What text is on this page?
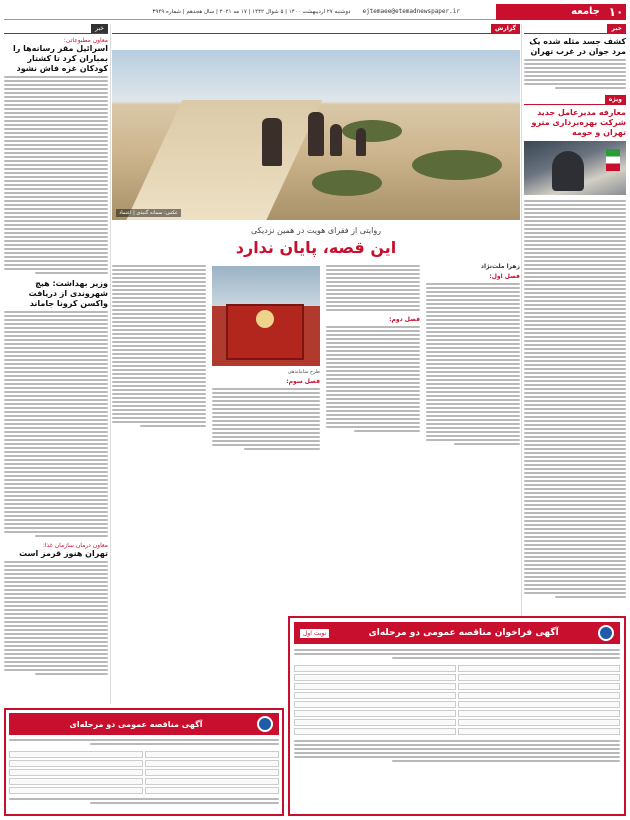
۱۰
جامعه
ejtemaee@etemadnewspaper.ir
دوشنبه ۲۷ اردیبهشت ۱۴۰۰ | ۵ شوال ۱۴۴۲ | ۱۷ مه ۲۰۲۱ | سال هجدهم | شماره ۳۹۴۹
خبر
کشف جسد مثله شده یک مرد جوان در غرب تهران
ویژه
معارفه مدیرعامل جدید شرکت بهره‌برداری مترو تهران و حومه
گزارش
عکس: سمانه گنبدی | اعتماد
روایتی از فقرای هویت در همین نزدیکی
این قصه، پایان ندارد
زهرا ملت‌نژاد
فصل اول:
فصل دوم:
طرح ساماندهی
فصل سوم:
خبر
معاون مطبوعاتی:
اسرائیل مقر رسانه‌ها را بمباران کرد تا کشتار کودکان غزه فاش نشود
وزیر بهداشت: هیچ شهروندی از دریافت واکسن کرونا جاماند
معاون درمان سازمان غذا:
تهران هنوز قرمز است
آگهی فراخوان مناقصه عمومی دو مرحله‌ای
نوبت اول
آگهی مناقصه عمومی دو مرحله‌ای
